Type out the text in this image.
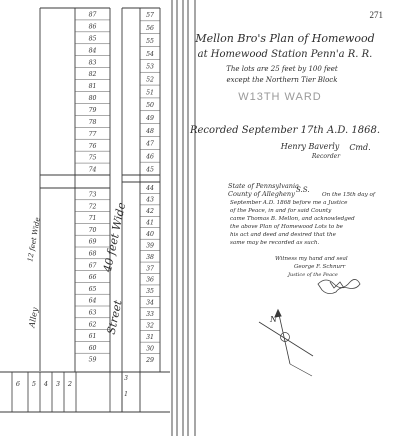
271
87
86
85
84
83
82
81
80
79
78
77
76
75
74
73
72
71
70
69
68
67
66
65
64
63
62
61
60
59
57
56
55
54
53
52
51
50
49
48
47
46
45
44
43
42
41
40
39
38
37
36
35
34
33
32
31
30
29
6 5 4 3 2
3
1
Street
40 feet Wide
Alley
12 feet Wide
Mellon Bro's Plan of Homewood
at Homewood Station Penn'a R. R.
The lots are 25 feet by 100 feet
except the Northern Tier Block
W13TH WARD
Recorded September 17th A.D. 1868.
Henry Baverly
Recorder
Cmd.
State of Pennsylvania
County of Allegheny S.S.
On the 15th day of
September A.D. 1868 before me a Justice
of the Peace, in and for said County
came Thomas B. Mellon, and acknowledged
the above Plan of Homewood Lots to be
his act and deed and desired that the
same may be recorded as such.
Witness my hand and seal
George F. Schnurr
Justice of the Peace
N
